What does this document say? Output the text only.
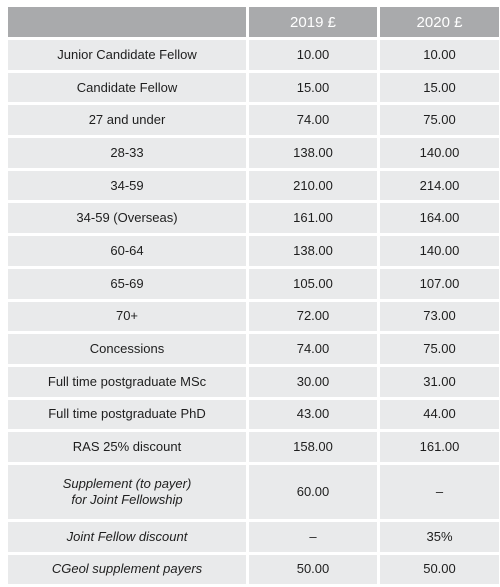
	2019 £	2020 £
Junior Candidate Fellow	10.00	10.00
Candidate Fellow	15.00	15.00
27 and under	74.00	75.00
28-33	138.00	140.00
34-59	210.00	214.00
34-59 (Overseas)	161.00	164.00
60-64	138.00	140.00
65-69	105.00	107.00
70+	72.00	73.00
Concessions	74.00	75.00
Full time postgraduate MSc	30.00	31.00
Full time postgraduate PhD	43.00	44.00
RAS 25% discount	158.00	161.00

Supplement (to payer)
for Joint Fellowship	60.00	–
Joint Fellow discount	–	35%
CGeol supplement payers	50.00	50.00
